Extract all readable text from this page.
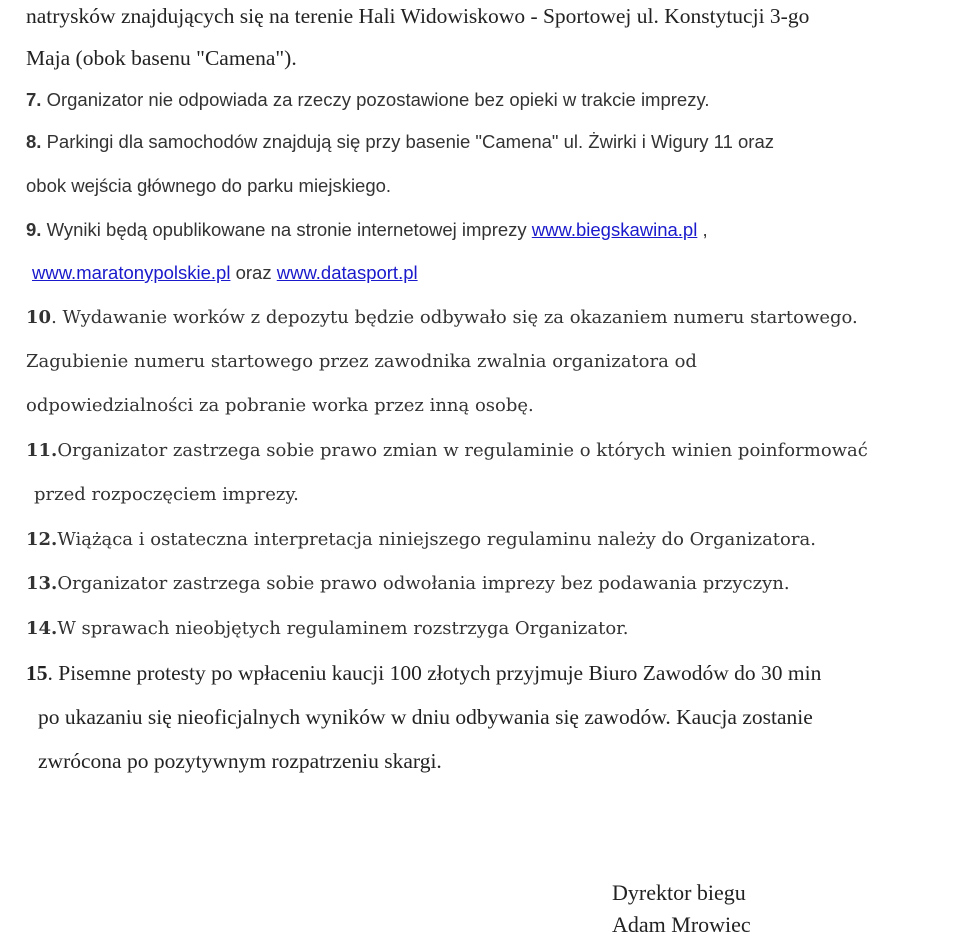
natrysków znajdujących się na terenie Hali Widowiskowo - Sportowej ul. Konstytucji 3-go
Maja (obok basenu "Camena").
7. Organizator nie odpowiada za rzeczy pozostawione bez opieki w trakcie imprezy.
8. Parkingi dla samochodów znajdują się przy basenie "Camena" ul. Żwirki i Wigury 11 oraz
obok wejścia głównego do parku miejskiego.
9. Wyniki będą opublikowane na stronie internetowej imprezy www.biegskawina.pl ,
www.maratonypolskie.pl oraz www.datasport.pl
10. Wydawanie worków z depozytu będzie odbywało się za okazaniem numeru startowego.
Zagubienie numeru startowego przez zawodnika zwalnia organizatora od
odpowiedzialności za pobranie worka przez inną osobę.
11.Organizator zastrzega sobie prawo zmian w regulaminie o których winien poinformować
przed rozpoczęciem imprezy.
12.Wiążąca i ostateczna interpretacja niniejszego regulaminu należy do Organizatora.
13.Organizator zastrzega sobie prawo odwołania imprezy bez podawania przyczyn.
14.W sprawach nieobjętych regulaminem rozstrzyga Organizator.
15. Pisemne protesty po wpłaceniu kaucji 100 złotych przyjmuje Biuro Zawodów do 30 min
po ukazaniu się nieoficjalnych wyników w dniu odbywania się zawodów. Kaucja zostanie
zwrócona po pozytywnym rozpatrzeniu skargi.
Dyrektor biegu
Adam Mrowiec
